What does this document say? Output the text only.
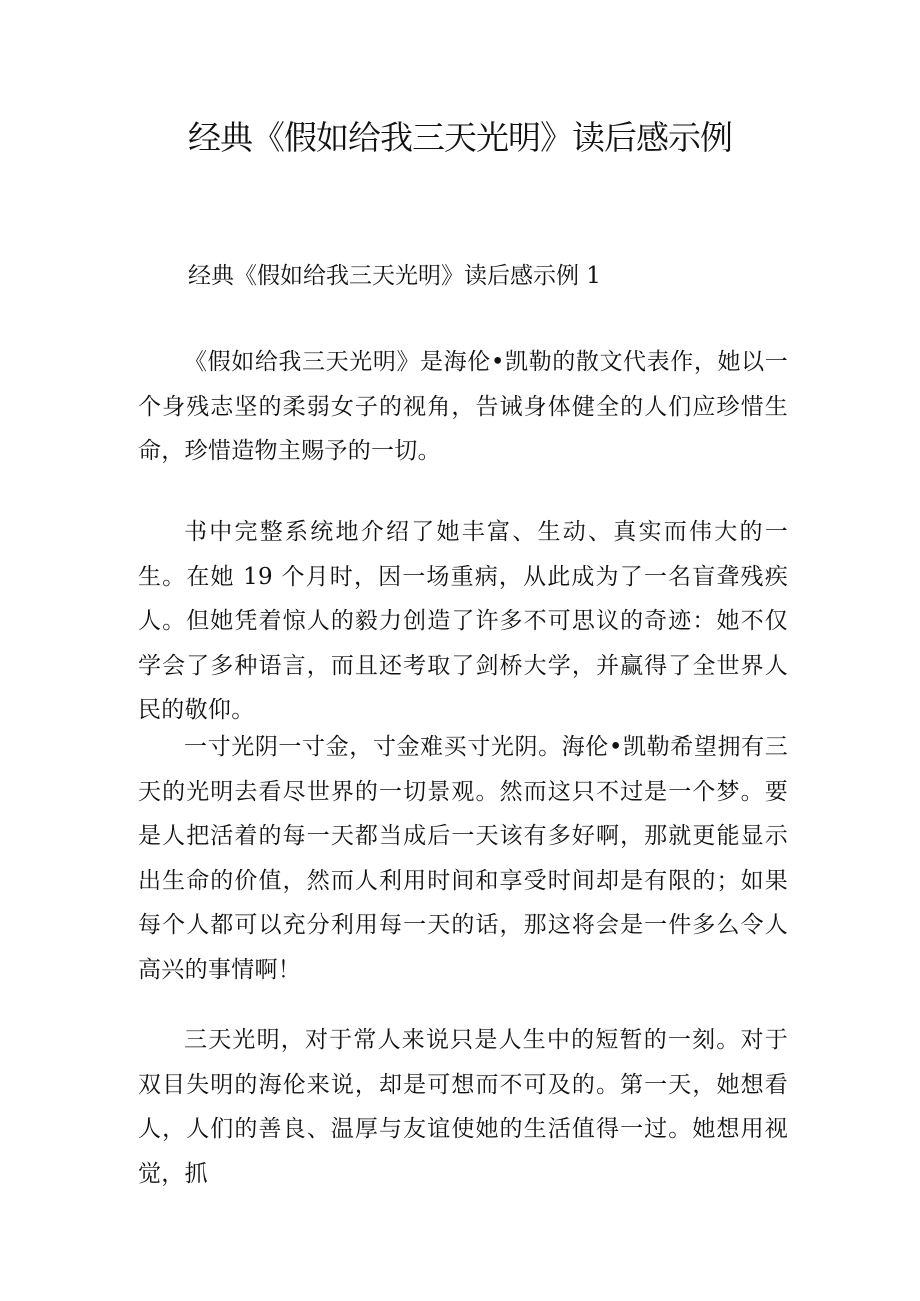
经典《假如给我三天光明》读后感示例

经典《假如给我三天光明》读后感示例 1

《假如给我三天光明》是海伦•凯勒的散文代表作，她以一个身残志坚的柔弱女子的视角，告诫身体健全的人们应珍惜生命，珍惜造物主赐予的一切。

书中完整系统地介绍了她丰富、生动、真实而伟大的一生。在她 19 个月时，因一场重病，从此成为了一名盲聋残疾人。但她凭着惊人的毅力创造了许多不可思议的奇迹：她不仅学会了多种语言，而且还考取了剑桥大学，并赢得了全世界人民的敬仰。

一寸光阴一寸金，寸金难买寸光阴。海伦•凯勒希望拥有三天的光明去看尽世界的一切景观。然而这只不过是一个梦。要是人把活着的每一天都当成后一天该有多好啊，那就更能显示出生命的价值，然而人利用时间和享受时间却是有限的；如果每个人都可以充分利用每一天的话，那这将会是一件多么令人高兴的事情啊！

三天光明，对于常人来说只是人生中的短暂的一刻。对于双目失明的海伦来说，却是可想而不可及的。第一天，她想看人，人们的善良、温厚与友谊使她的生活值得一过。她想用视觉，抓
